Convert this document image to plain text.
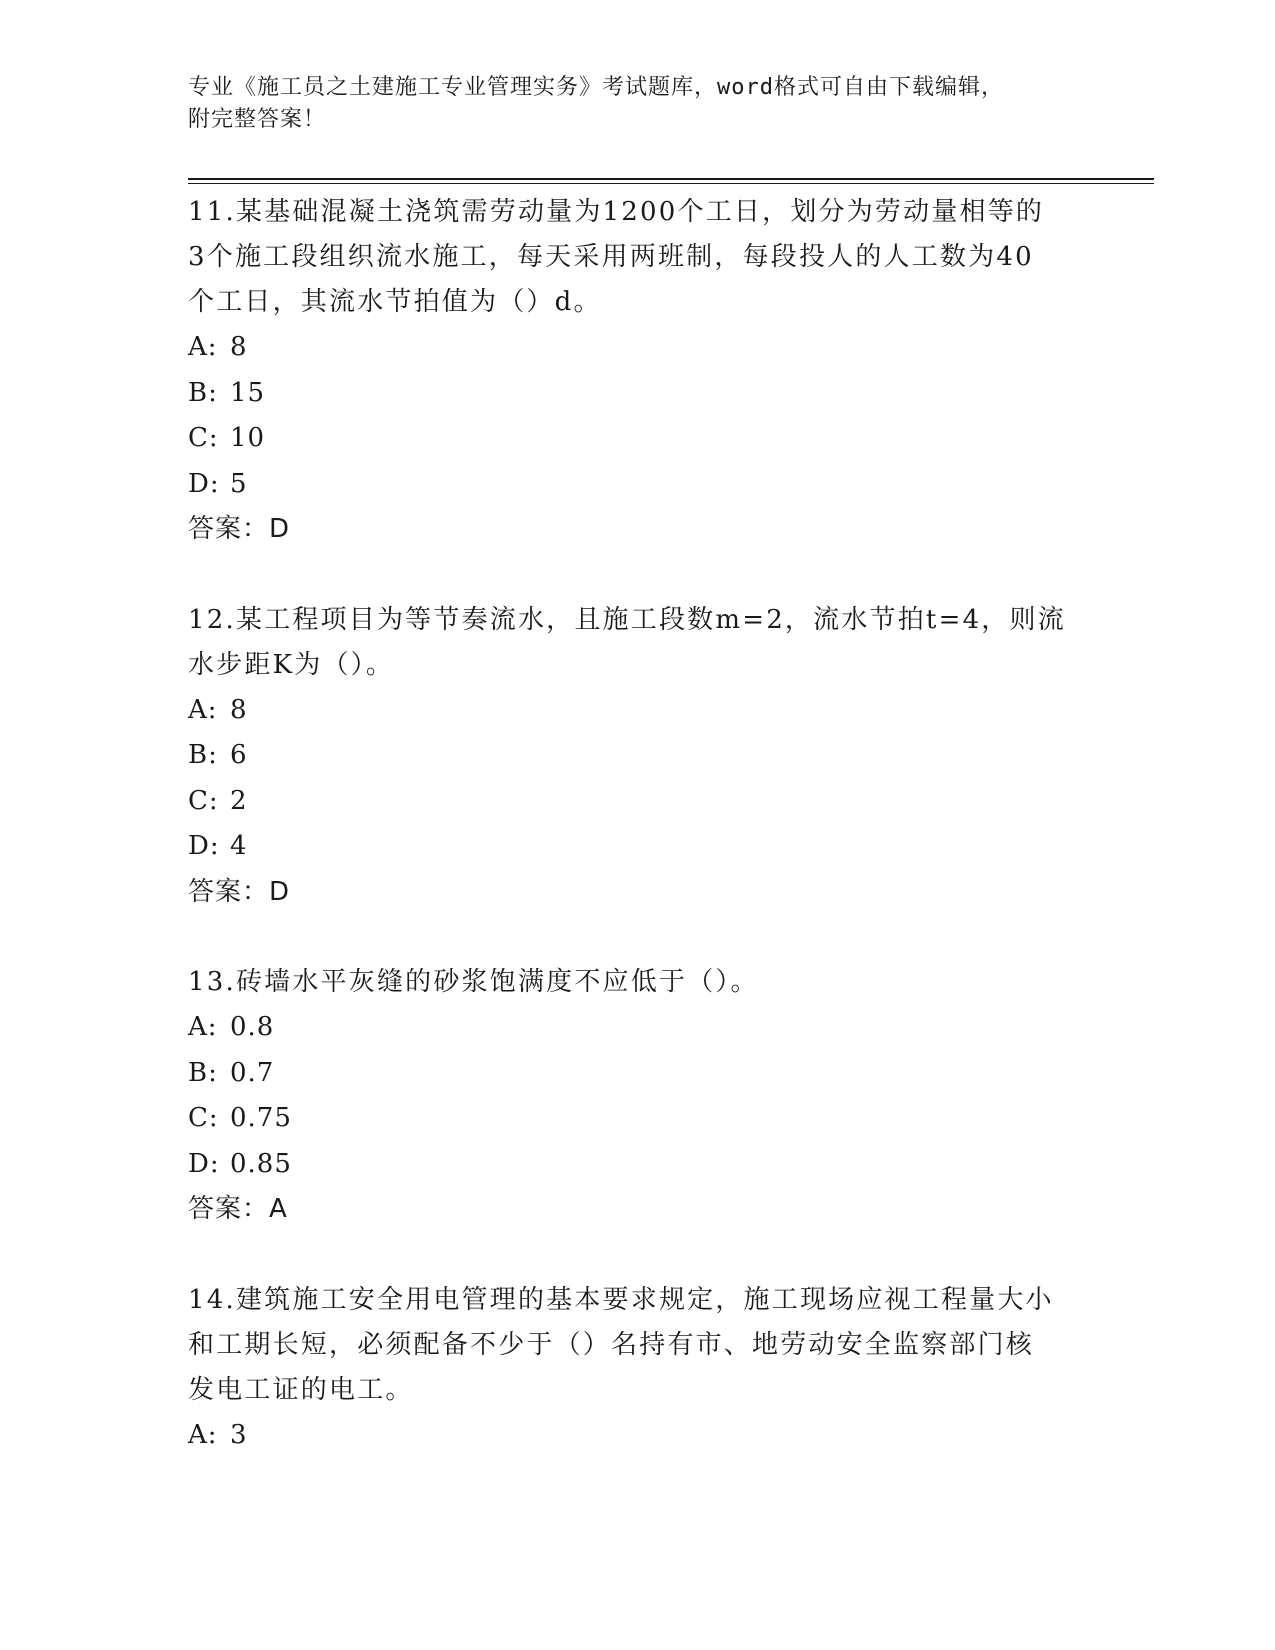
专业《施工员之土建施工专业管理实务》考试题库，word格式可自由下载编辑，
附完整答案！
11.某基础混凝土浇筑需劳动量为1200个工日，划分为劳动量相等的
3个施工段组织流水施工，每天采用两班制，每段投人的人工数为40
个工日，其流水节拍值为（）d。
A: 8
B: 15
C: 10
D: 5
答案：D
12.某工程项目为等节奏流水，且施工段数m=2，流水节拍t=4，则流
水步距K为（）。
A: 8
B: 6
C: 2
D: 4
答案：D
13.砖墙水平灰缝的砂浆饱满度不应低于（）。
A: 0.8
B: 0.7
C: 0.75
D: 0.85
答案：A
14.建筑施工安全用电管理的基本要求规定，施工现场应视工程量大小
和工期长短，必须配备不少于（）名持有市、地劳动安全监察部门核
发电工证的电工。
A: 3
